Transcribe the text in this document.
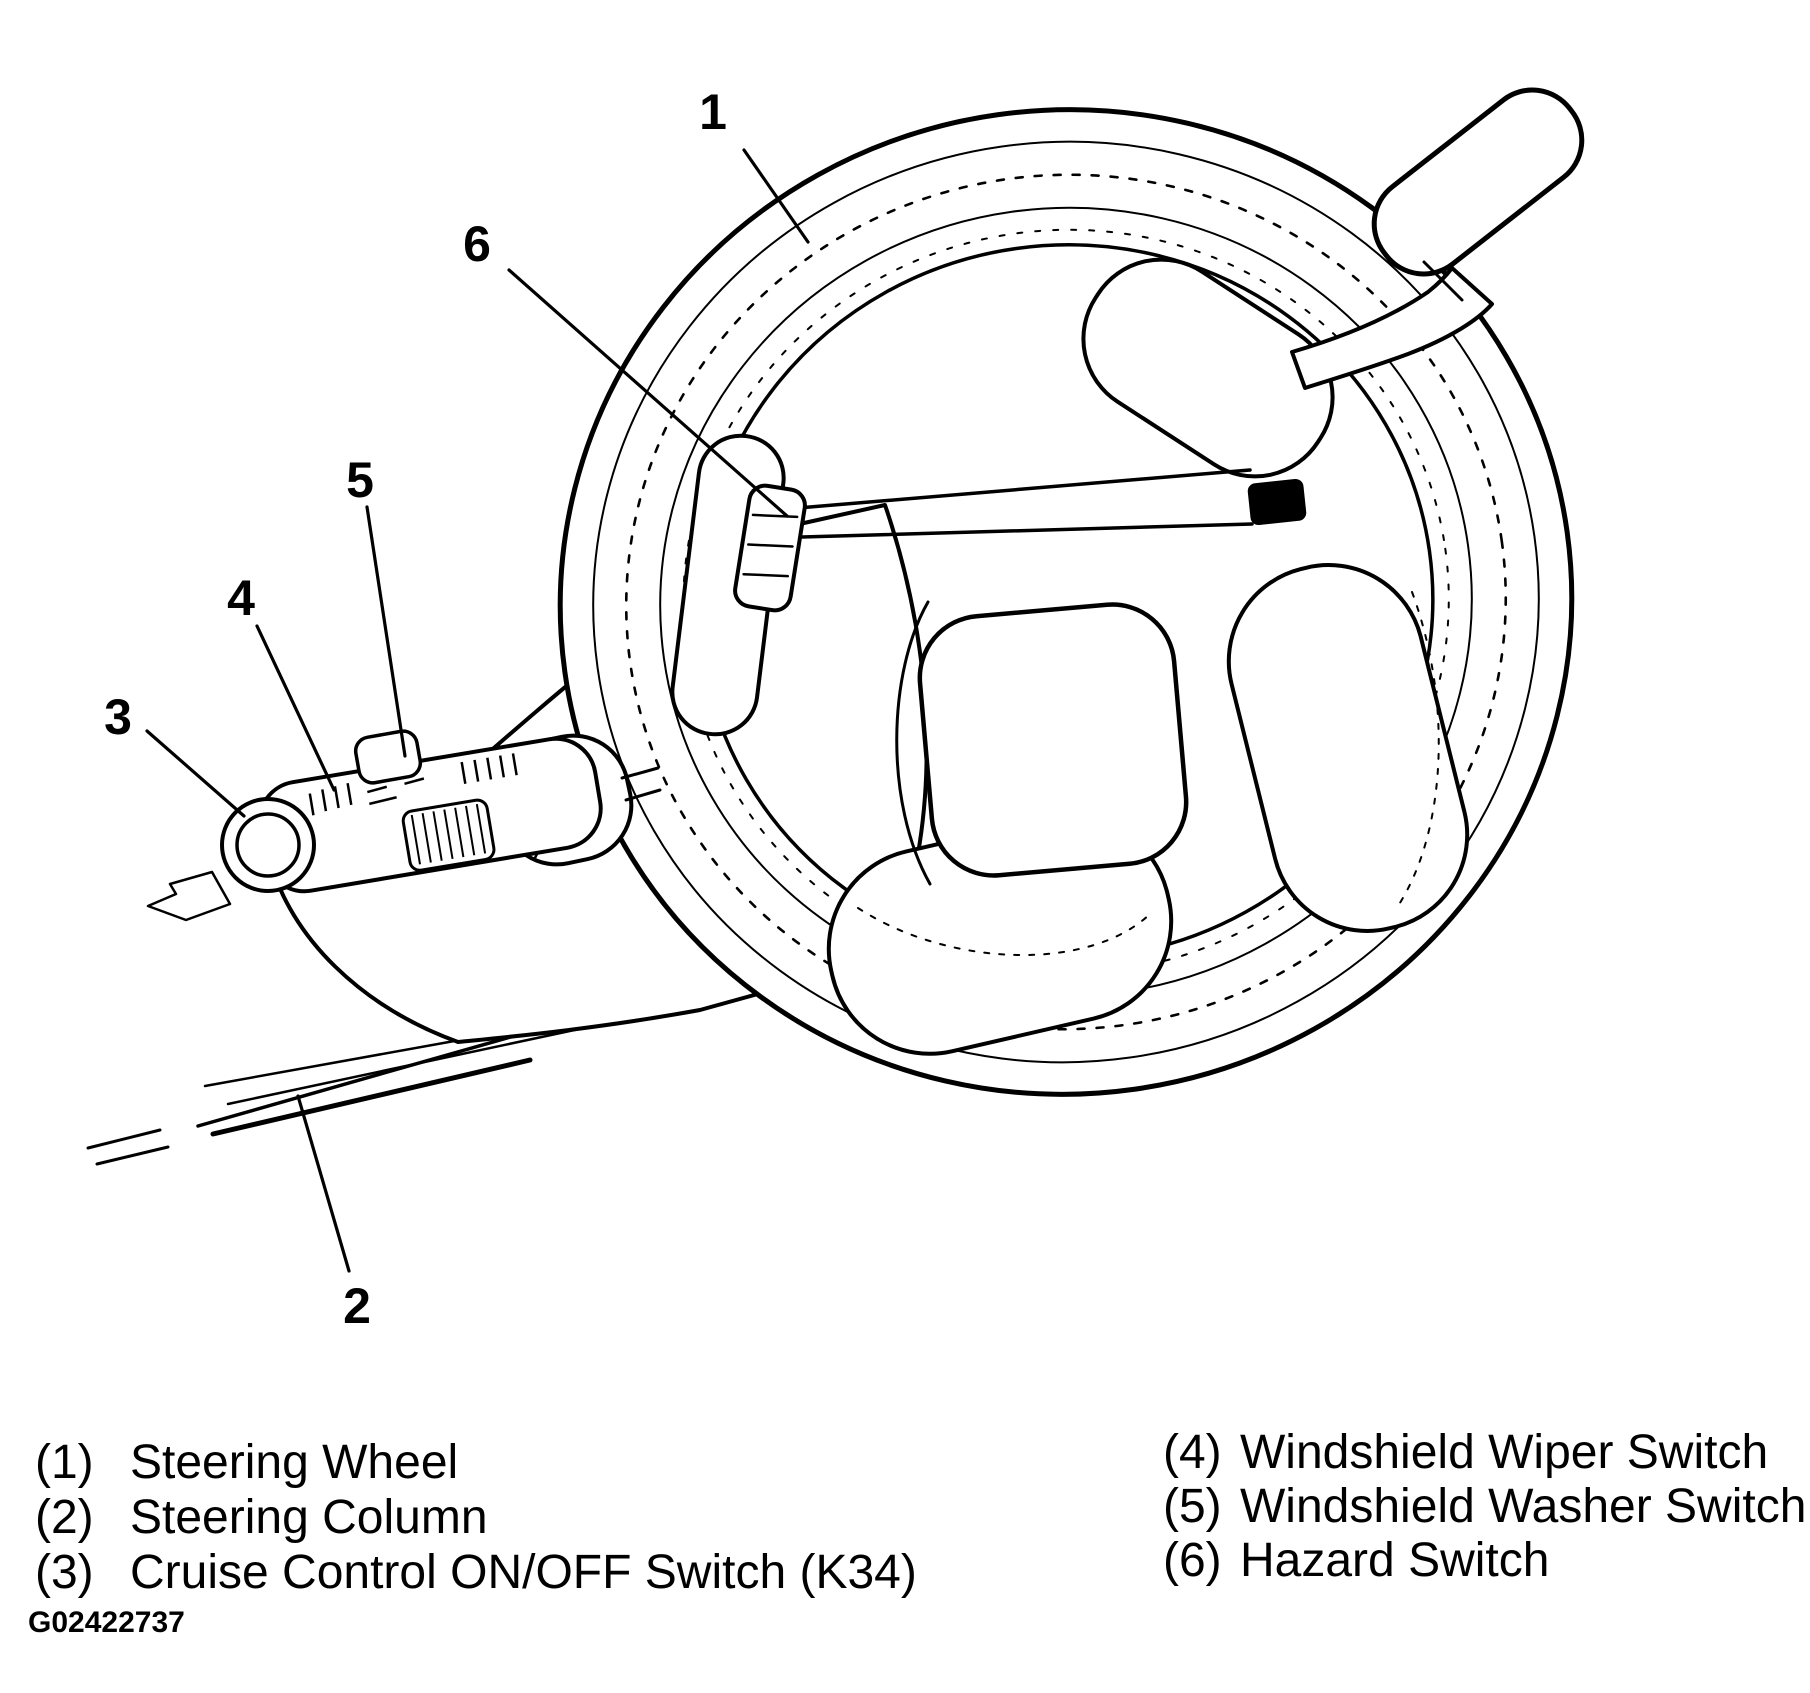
1
2
3
4
5
6
(1) Steering Wheel
(2) Steering Column
(3) Cruise Control ON/OFF Switch (K34)
(4) Windshield Wiper Switch
(5) Windshield Washer Switch
(6) Hazard Switch
G02422737
